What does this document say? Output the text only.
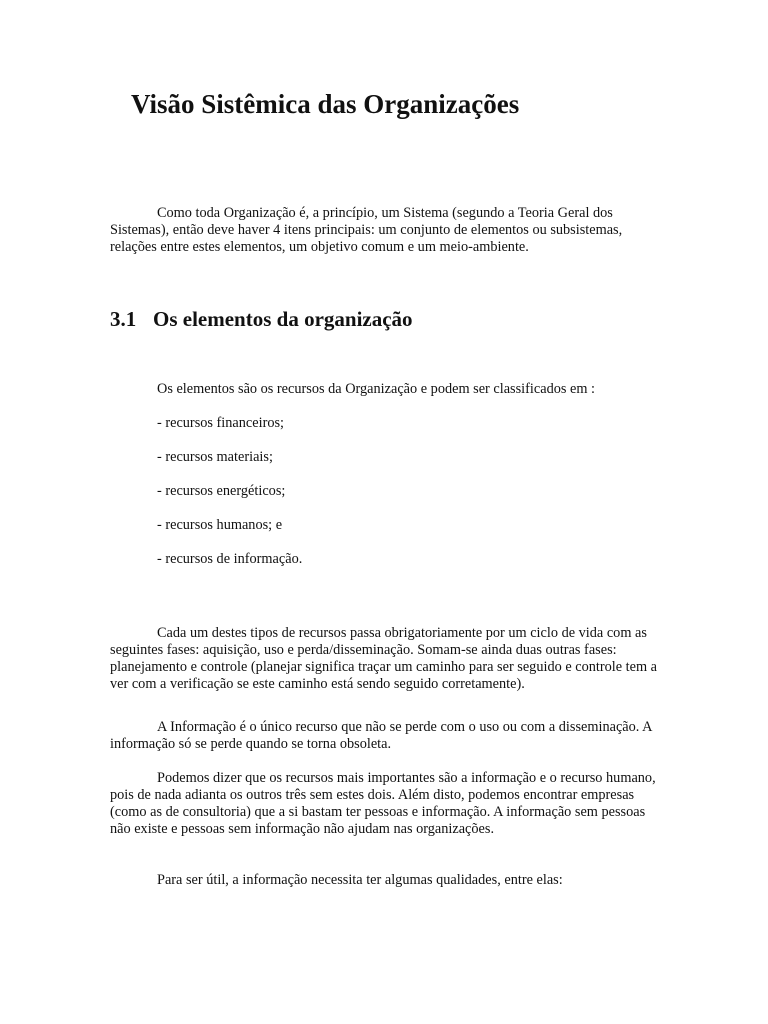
Visão Sistêmica das Organizações

Como toda Organização é, a princípio, um Sistema (segundo a Teoria Geral dos Sistemas), então deve haver 4 itens principais: um conjunto de elementos ou subsistemas, relações entre estes elementos, um objetivo comum e um meio-ambiente.

3.1 Os elementos da organização

Os elementos são os recursos da Organização e podem ser classificados em :

- recursos financeiros;
- recursos materiais;
- recursos energéticos;
- recursos humanos; e
- recursos de informação.

Cada um destes tipos de recursos passa obrigatoriamente por um ciclo de vida com as seguintes fases: aquisição, uso e perda/disseminação. Somam-se ainda duas outras fases: planejamento e controle (planejar significa traçar um caminho para ser seguido e controle tem a ver com a verificação se este caminho está sendo seguido corretamente).

A Informação é o único recurso que não se perde com o uso ou com a disseminação. A informação só se perde quando se torna obsoleta.

Podemos dizer que os recursos mais importantes são a informação e o recurso humano, pois de nada adianta os outros três sem estes dois. Além disto, podemos encontrar empresas (como as de consultoria) que a si bastam ter pessoas e informação. A informação sem pessoas não existe e pessoas sem informação não ajudam nas organizações.

Para ser útil, a informação necessita ter algumas qualidades, entre elas:
